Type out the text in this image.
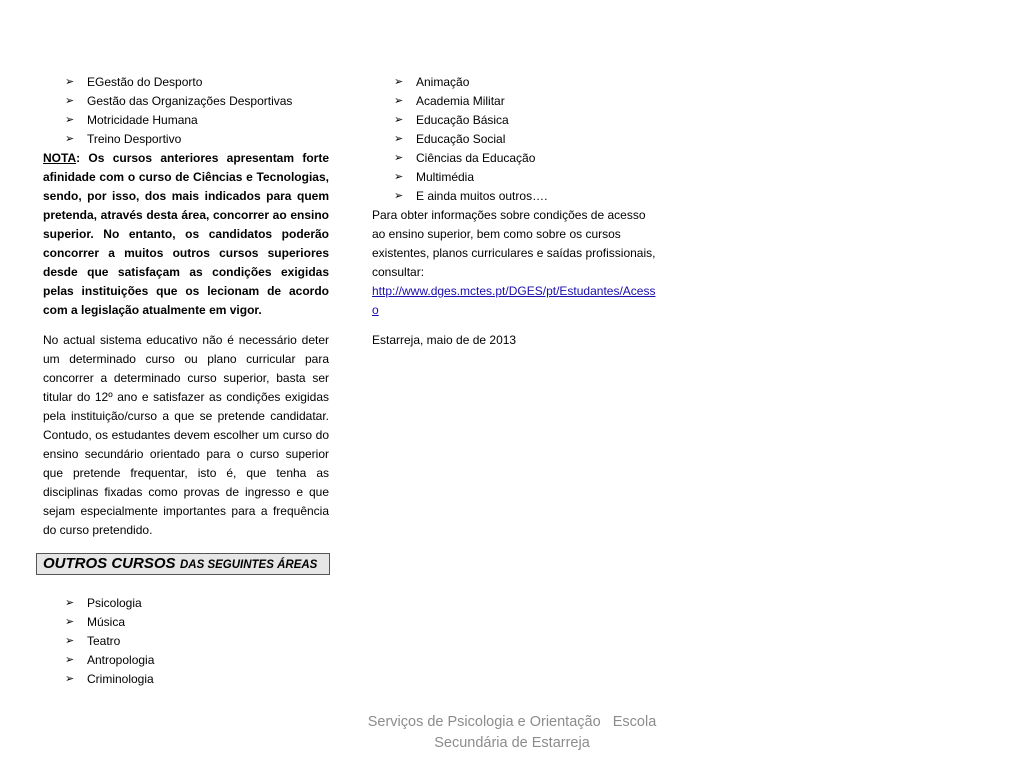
➢ EGestão do Desporto
➢ Gestão das Organizações Desportivas
➢ Motricidade Humana
➢ Treino Desportivo

NOTA: Os cursos anteriores apresentam forte afinidade com o curso de Ciências e Tecnologias, sendo, por isso, dos mais indicados para quem pretenda, através desta área, concorrer ao ensino superior. No entanto, os candidatos poderão concorrer a muitos outros cursos superiores desde que satisfaçam as condições exigidas pelas instituições que os lecionam de acordo com a legislação atualmente em vigor.

No actual sistema educativo não é necessário deter um determinado curso ou plano curricular para concorrer a determinado curso superior, basta ser titular do 12º ano e satisfazer as condições exigidas pela instituição/curso a que se pretende candidatar. Contudo, os estudantes devem escolher um curso do ensino secundário orientado para o curso superior que pretende frequentar, isto é, que tenha as disciplinas fixadas como provas de ingresso e que sejam especialmente importantes para a frequência do curso pretendido.

OUTROS CURSOS DAS SEGUINTES ÁREAS
➢ Psicologia
➢ Música
➢ Teatro
➢ Antropologia
➢ Criminologia
➢ Animação
➢ Academia Militar
➢ Educação Básica
➢ Educação Social
➢ Ciências da Educação
➢ Multimédia
➢ E ainda muitos outros….

Para obter informações sobre condições de acesso ao ensino superior, bem como sobre os cursos existentes, planos curriculares e saídas profissionais, consultar:

http://www.dges.mctes.pt/DGES/pt/Estudantes/Acesso

Estarreja, maio de de 2013

Serviços de Psicologia e Orientação   Escola
Secundária de Estarreja
